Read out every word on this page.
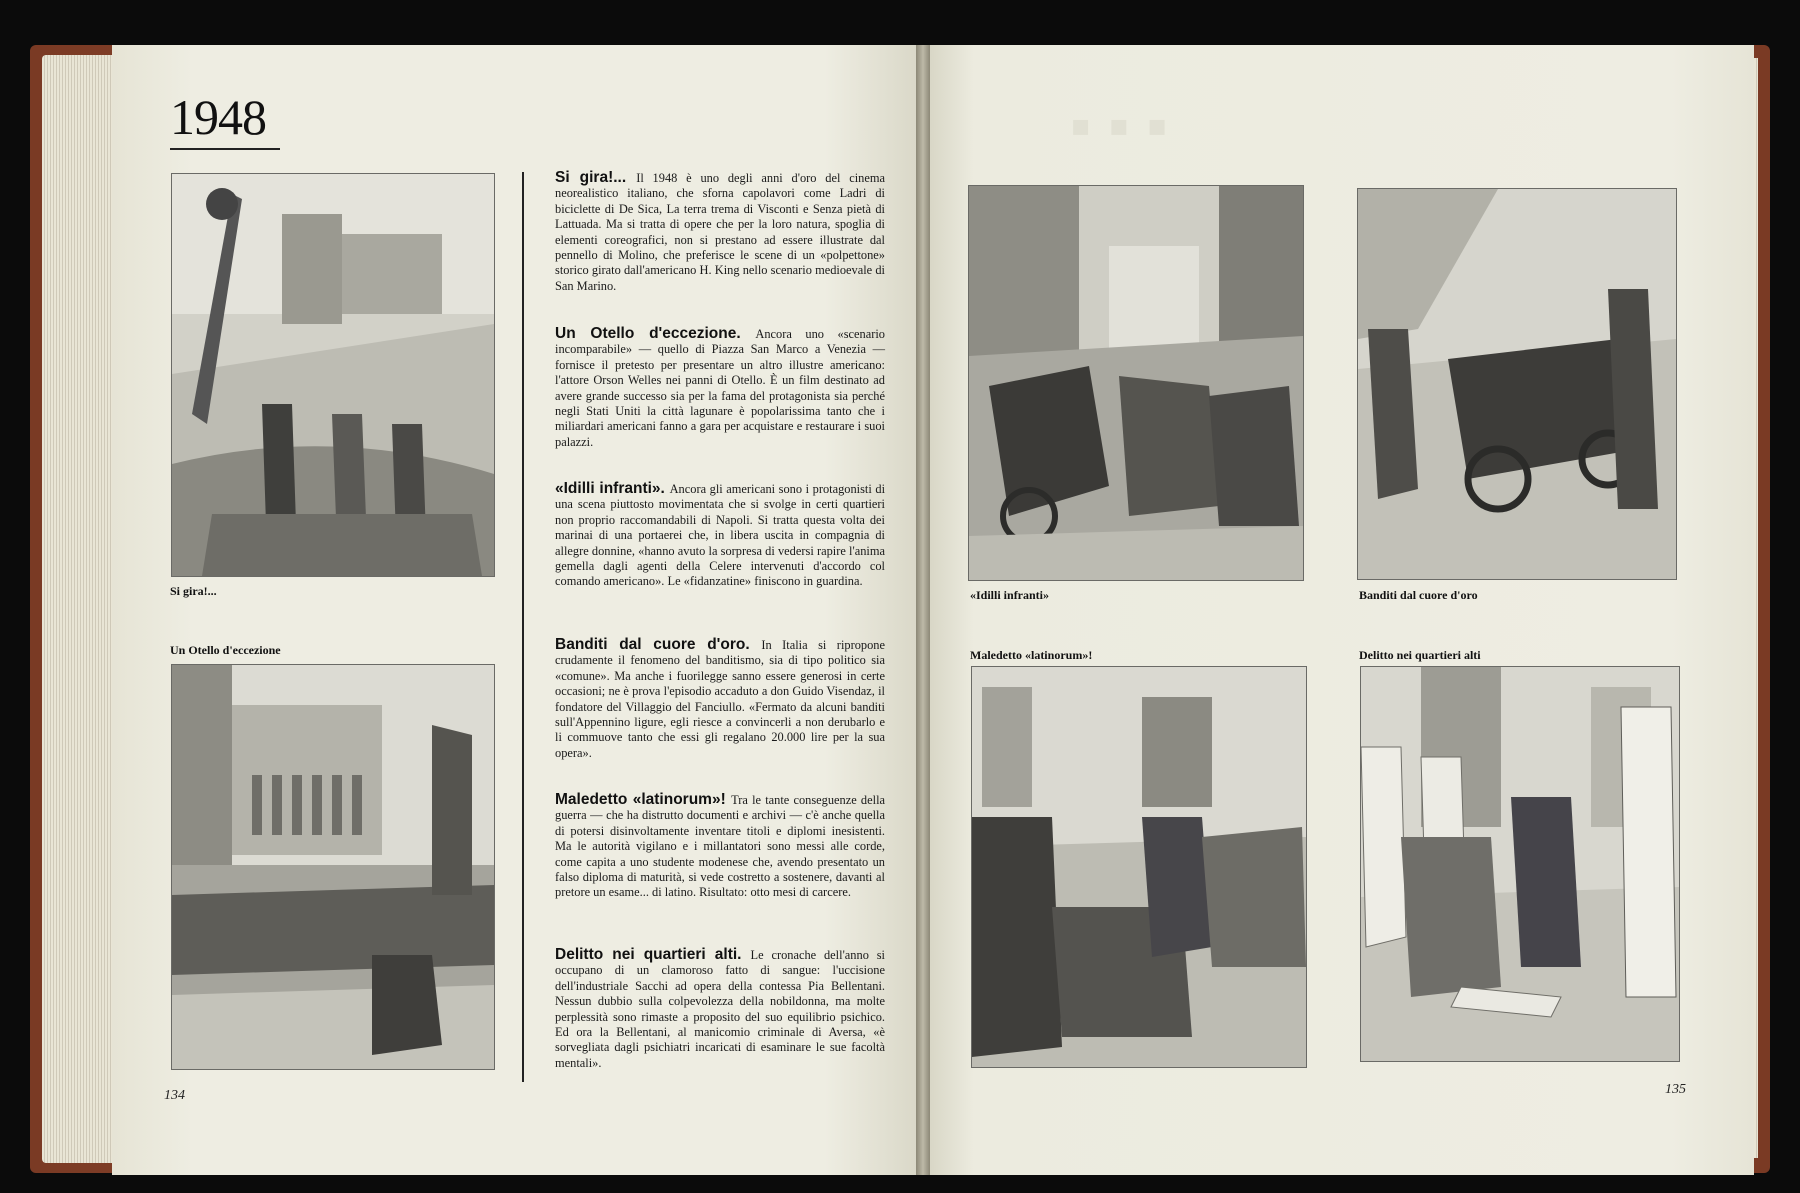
1948
Si gira!...
Un Otello d'eccezione
Si gira!... Il 1948 è uno degli anni d'oro del cinema neorealistico italiano, che sforna capolavori come Ladri di biciclette di De Sica, La terra trema di Visconti e Senza pietà di Lattuada. Ma si tratta di opere che per la loro natura, spoglia di elementi coreografici, non si prestano ad essere illustrate dal pennello di Molino, che preferisce le scene di un «polpettone» storico girato dall'americano H. King nello scenario medioevale di San Marino.
Un Otello d'eccezione. Ancora uno «scenario incomparabile» — quello di Piazza San Marco a Venezia — fornisce il pretesto per presentare un altro illustre americano: l'attore Orson Welles nei panni di Otello. È un film destinato ad avere grande successo sia per la fama del protagonista sia perché negli Stati Uniti la città lagunare è popolarissima tanto che i miliardari americani fanno a gara per acquistare e restaurare i suoi palazzi.
«Idilli infranti». Ancora gli americani sono i protagonisti di una scena piuttosto movimentata che si svolge in certi quartieri non proprio raccomandabili di Napoli. Si tratta questa volta dei marinai di una portaerei che, in libera uscita in compagnia di allegre donnine, «hanno avuto la sorpresa di vedersi rapire l'anima gemella dagli agenti della Celere intervenuti d'accordo col comando americano». Le «fidanzatine» finiscono in guardina.
Banditi dal cuore d'oro. In Italia si ripropone crudamente il fenomeno del banditismo, sia di tipo politico sia «comune». Ma anche i fuorilegge sanno essere generosi in certe occasioni; ne è prova l'episodio accaduto a don Guido Visendaz, il fondatore del Villaggio del Fanciullo. «Fermato da alcuni banditi sull'Appennino ligure, egli riesce a convincerli a non derubarlo e li commuove tanto che essi gli regalano 20.000 lire per la sua opera».
Maledetto «latinorum»! Tra le tante conseguenze della guerra — che ha distrutto documenti e archivi — c'è anche quella di potersi disinvoltamente inventare titoli e diplomi inesistenti. Ma le autorità vigilano e i millantatori sono messi alle corde, come capita a uno studente modenese che, avendo presentato un falso diploma di maturità, si vede costretto a sostenere, davanti al pretore un esame... di latino. Risultato: otto mesi di carcere.
Delitto nei quartieri alti. Le cronache dell'anno si occupano di un clamoroso fatto di sangue: l'uccisione dell'industriale Sacchi ad opera della contessa Pia Bellentani. Nessun dubbio sulla colpevolezza della nobildonna, ma molte perplessità sono rimaste a proposito del suo equilibrio psichico. Ed ora la Bellentani, al manicomio criminale di Aversa, «è sorvegliata dagli psichiatri incaricati di esaminare le sue facoltà mentali».
134
▪ ▪ ▪
«Idilli infranti»	Banditi dal cuore d'oro
Maledetto «latinorum»!	Delitto nei quartieri alti
135
